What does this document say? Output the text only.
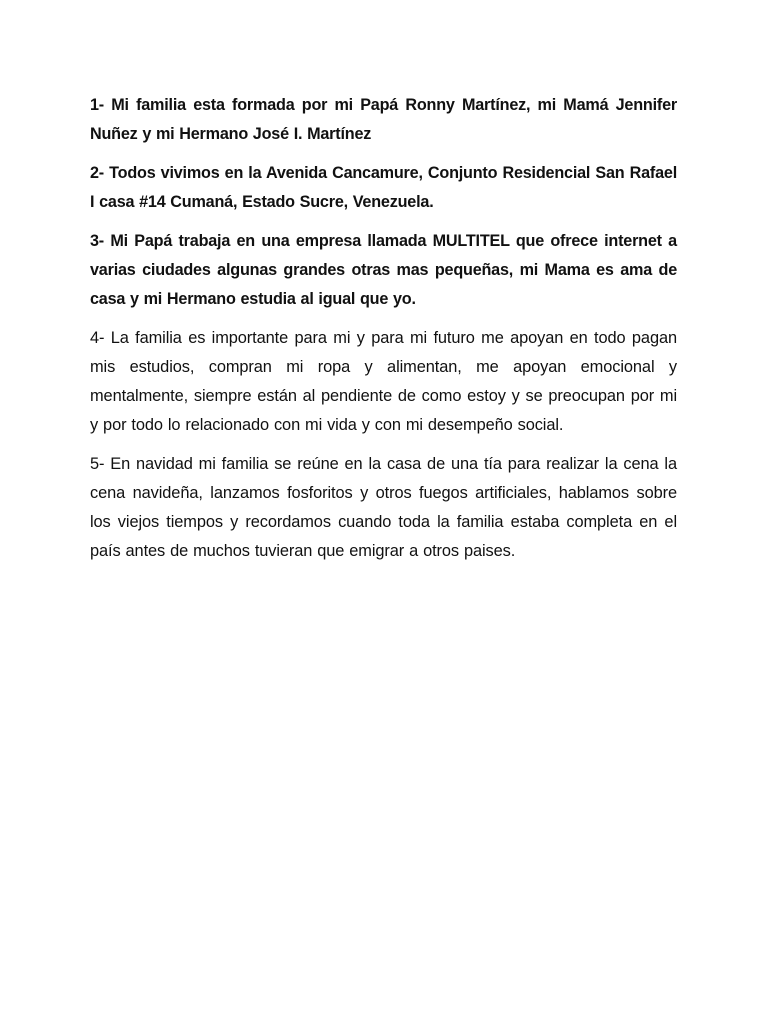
1- Mi familia esta formada por mi Papá Ronny Martínez, mi Mamá Jennifer Nuñez y mi Hermano José I. Martínez

2- Todos vivimos en la Avenida Cancamure, Conjunto Residencial San Rafael I casa #14 Cumaná, Estado Sucre, Venezuela.

3- Mi Papá trabaja en una empresa llamada MULTITEL que ofrece internet a varias ciudades algunas grandes otras mas pequeñas, mi Mama es ama de casa y mi Hermano estudia al igual que yo.

4- La familia es importante para mi y para mi futuro me apoyan en todo pagan mis estudios, compran mi ropa y alimentan, me apoyan emocional y mentalmente, siempre están al pendiente de como estoy y se preocupan por mi y por todo lo relacionado con mi vida y con mi desempeño social.

5- En navidad mi familia se reúne en la casa de una tía para realizar la cena la cena navideña, lanzamos fosforitos y otros fuegos artificiales, hablamos sobre los viejos tiempos y recordamos cuando toda la familia estaba completa en el país antes de muchos tuvieran que emigrar a otros paises.
